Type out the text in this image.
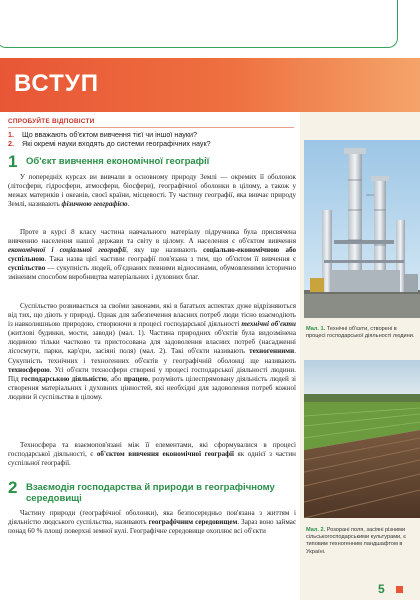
ВСТУП
СПРОБУЙТЕ ВІДПОВІСТИ
1.	Що вважають об'єктом вивчення тієї чи іншої науки?
2.	Які окремі науки входять до системи географічних наук?
1 Об'єкт вивчення економічної географії
У попередніх курсах ви вивчали в основному природу Землі — окремих її оболонок (літосфери, гідросфери, атмосфери, біосфери), географічної оболонки в цілому, а також у межах материків і океанів, своєї країни, місцевості. Ту частину географії, яка вивчає природу Землі, називають фізичною географією.
Проте в курсі 8 класу частина навчального матеріалу підручника була присвячена вивченню населення нашої держави та світу в цілому. А населення є об'єктом вивчення економічної і соціальної географії, яку ще називають соціально-економічною або суспільною. Така назва цієї частини географії пов'язана з тим, що об'єктом її вивчення є суспільство — сукупність людей, об'єднаних певними відносинами, обумовленими історично зміненим способом виробництва матеріальних і духовних благ.
Суспільство розвивається за своїми законами, які в багатьох аспектах дуже відрізняються від тих, що діють у природі. Однак для забезпечення власних потреб люди тісно взаємодіють із навколишньою природою, створюючи в процесі господарської діяльності технічні об'єкти (житлові будинки, мости, заводи) (мал. 1). Частина природних об'єктів була видозмінена людиною тільки частково та пристосована для задоволення власних потреб (насадженні лісосмуги, парки, кар'єри, засіяні поля) (мал. 2). Такі об'єкти називають техногенними. Сукупність технічних і техногенних об'єктів у географічній оболонці ще називають техносферою. Усі об'єкти техносфери створені у процесі господарської діяльності людини. Під господарською діяльністю, або працею, розуміють цілеспрямовану діяльність людей зі створення матеріальних і духовних цінностей, які необхідні для задоволення потреб кожної людини й суспільства в цілому.
Техносфера та взаємопов'язані між її елементами, які сформувалися в процесі господарської діяльності, є об'єктом вивчення економічної географії як однієї з частин суспільної географії.
2 Взаємодія господарства й природи в географічному середовищі
Частину природи (географічної оболонки), яка безпосередньо пов'язана з життям і діяльністю людського суспільства, називають географічним середовищем. Зараз воно займає понад 60 % площі поверхні земної кулі. Географічне середовище охоплює всі об'єкти
Мал. 1. Технічні об'єкти, створені в процесі господарської діяльності людини.
Мал. 2. Розорані поля, засіяні різними сільськогосподарськими культурами, є типовим техногенним ландшафтом в Україні.
5
